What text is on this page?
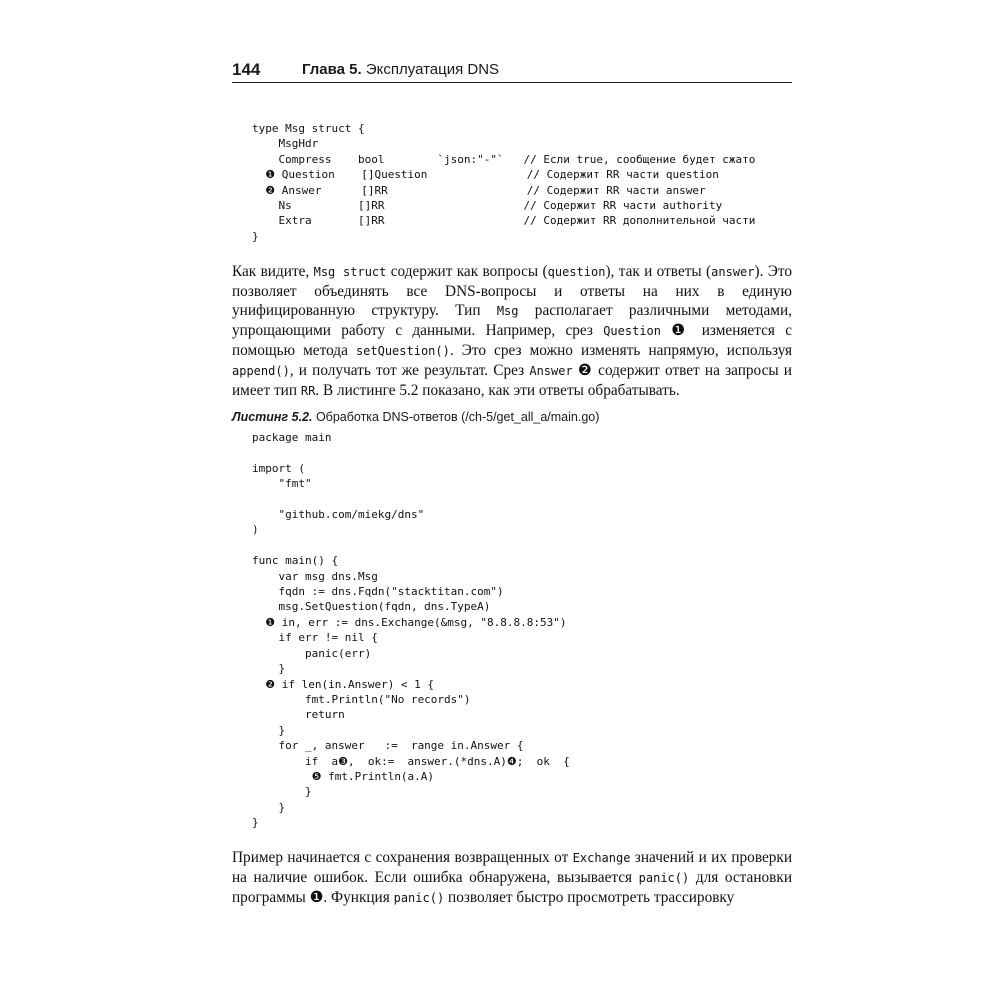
144	Глава 5. Эксплуатация DNS
type Msg struct {
MsgHdr
Compress    bool        `json:"-"`   // Если true, сообщение будет сжато
❶ Question    []Question               // Содержит RR части question
❷ Answer      []RR                     // Содержит RR части answer
Ns          []RR                     // Содержит RR части authority
Extra       []RR                     // Содержит RR дополнительной части
}

Как видите, Msg struct содержит как вопросы (question), так и ответы (answer). Это позволяет объединять все DNS-вопросы и ответы на них в единую унифицированную структуру. Тип Msg располагает различными методами, упрощающими работу с данными. Например, срез Question ❶ изменяется с помощью метода setQuestion(). Это срез можно изменять напрямую, используя append(), и получать тот же результат. Срез Answer ❷ содержит ответ на запросы и имеет тип RR. В листинге 5.2 показано, как эти ответы обрабатывать.

Листинг 5.2. Обработка DNS-ответов (/ch-5/get_all_a/main.go)
package main

import (
"fmt"

"github.com/miekg/dns"
)

func main() {
var msg dns.Msg
fqdn := dns.Fqdn("stacktitan.com")
msg.SetQuestion(fqdn, dns.TypeA)
❶ in, err := dns.Exchange(&msg, "8.8.8.8:53")
if err != nil {
panic(err)
}
❷ if len(in.Answer) < 1 {
fmt.Println("No records")
return
}
for _, answer   :=  range in.Answer {
if  a❸,  ok:=  answer.(*dns.A)❹;  ok  {
❺ fmt.Println(a.A)
}
}
}

Пример начинается с сохранения возвращенных от Exchange значений и их проверки на наличие ошибок. Если ошибка обнаружена, вызывается panic() для остановки программы ❶. Функция panic() позволяет быстро просмотреть трассировку
